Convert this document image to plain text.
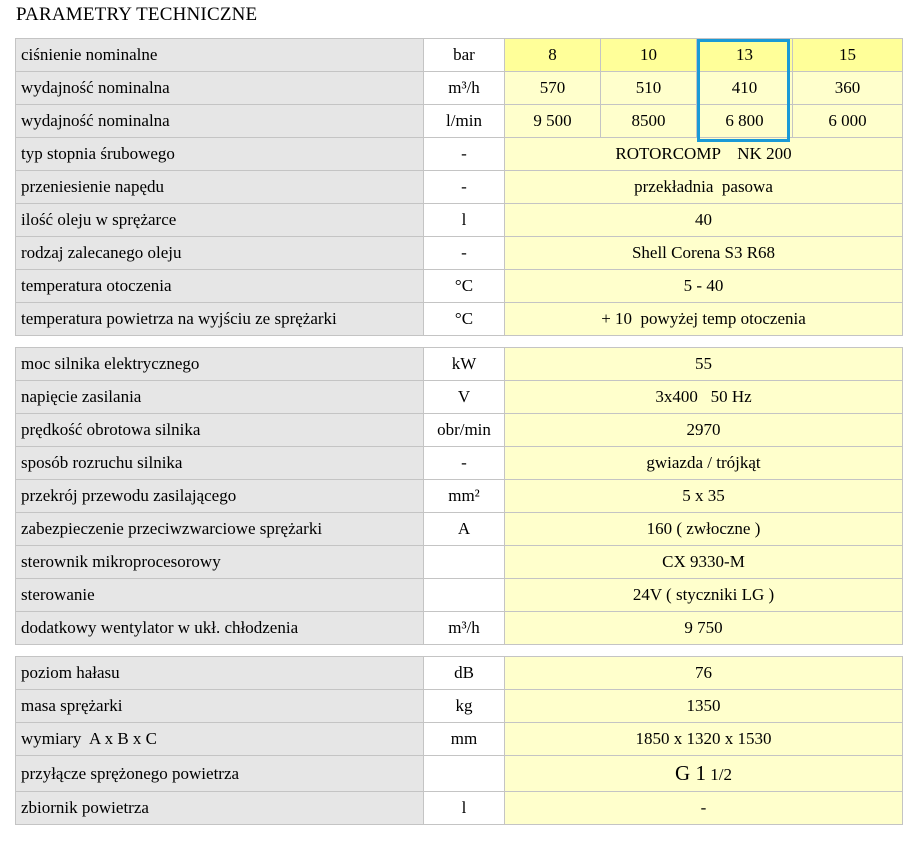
PARAMETRY TECHNICZNE
ciśnienie nominalne	bar	8	10	13	15
wydajność nominalna	m³/h	570	510	410	360
wydajność nominalna	l/min	9 500	8500	6 800	6 000
typ stopnia śrubowego	-	ROTORCOMP    NK 200			
przeniesienie napędu	-	przekładnia  pasowa			
ilość oleju w sprężarce	l	40			
rodzaj zalecanego oleju	-	Shell Corena S3 R68			
temperatura otoczenia	°C	5 - 40			
temperatura powietrza na wyjściu ze sprężarki	°C	+ 10  powyżej temp otoczenia			

moc silnika elektrycznego	kW	55			
napięcie zasilania	V	3x400   50 Hz			
prędkość obrotowa silnika	obr/min	2970			
sposób rozruchu silnika	-	gwiazda / trójkąt			
przekrój przewodu zasilającego	mm²	5 x 35			
zabezpieczenie przeciwzwarciowe sprężarki	A	160 ( zwłoczne )			
sterownik mikroprocesorowy		CX 9330-M			
sterowanie		24V ( styczniki LG )			
dodatkowy wentylator w ukł. chłodzenia	m³/h	9 750			

poziom hałasu	dB	76			
masa sprężarki	kg	1350			
wymiary  A x B x C	mm	1850 x 1320 x 1530			
przyłącze sprężonego powietrza		G 1 1/2			
zbiornik powietrza	l	-			
